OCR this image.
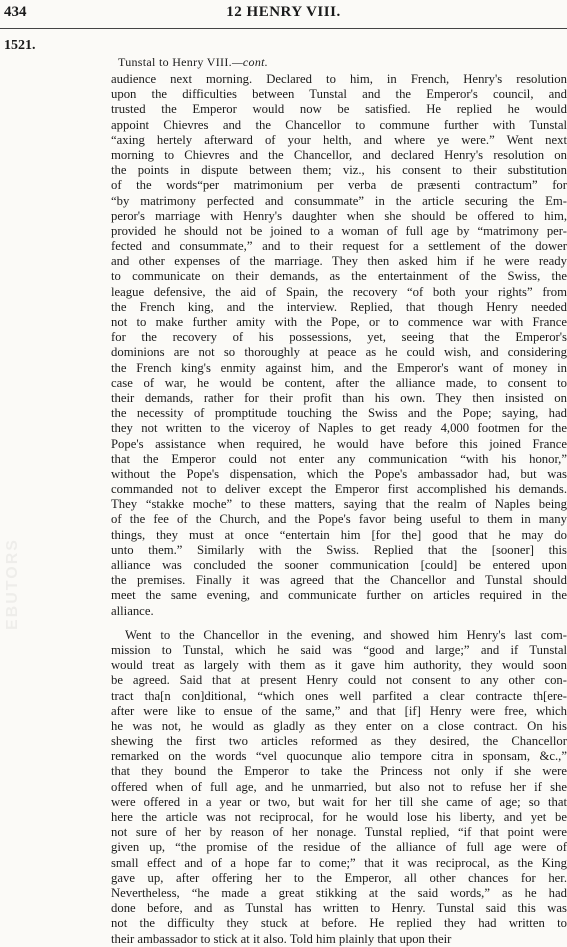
434	12 HENRY VIII.
1521.
Tunstal to Henry VIII.—cont.
EBUTORS
audience next morning. Declared to him, in French, Henry's resolution
upon the difficulties between Tunstal and the Emperor's council, and
trusted the Emperor would now be satisfied. He replied he would
appoint Chievres and the Chancellor to commune further with Tunstal
“axing hertely afterward of your helth, and where ye were.” Went next
morning to Chievres and the Chancellor, and declared Henry's resolution on
the points in dispute between them; viz., his consent to their substitution
of the words“per matrimonium per verba de præsenti contractum” for
“by matrimony perfected and consummate” in the article securing the Em-
peror's marriage with Henry's daughter when she should be offered to him,
provided he should not be joined to a woman of full age by “matrimony per-
fected and consummate,” and to their request for a settlement of the dower
and other expenses of the marriage. They then asked him if he were ready
to communicate on their demands, as the entertainment of the Swiss, the
league defensive, the aid of Spain, the recovery “of both your rights” from
the French king, and the interview. Replied, that though Henry needed
not to make further amity with the Pope, or to commence war with France
for the recovery of his possessions, yet, seeing that the Emperor's
dominions are not so thoroughly at peace as he could wish, and considering
the French king's enmity against him, and the Emperor's want of money in
case of war, he would be content, after the alliance made, to consent to
their demands, rather for their profit than his own. They then insisted on
the necessity of promptitude touching the Swiss and the Pope; saying, had
they not written to the viceroy of Naples to get ready 4,000 footmen for the
Pope's assistance when required, he would have before this joined France
that the Emperor could not enter any communication “with his honor,”
without the Pope's dispensation, which the Pope's ambassador had, but was
commanded not to deliver except the Emperor first accomplished his demands.
They “stakke moche” to these matters, saying that the realm of Naples being
of the fee of the Church, and the Pope's favor being useful to them in many
things, they must at once “entertain him [for the] good that he may do
unto them.” Similarly with the Swiss. Replied that the [sooner] this
alliance was concluded the sooner communication [could] be entered upon
the premises. Finally it was agreed that the Chancellor and Tunstal should
meet the same evening, and communicate further on articles required in the
alliance.
Went to the Chancellor in the evening, and showed him Henry's last com-
mission to Tunstal, which he said was “good and large;” and if Tunstal
would treat as largely with them as it gave him authority, they would soon
be agreed. Said that at present Henry could not consent to any other con-
tract tha[n con]ditional, “which ones well parfited a clear contracte th[ere-
after were like to ensue of the same,” and that [if] Henry were free, which
he was not, he would as gladly as they enter on a close contract. On his
shewing the first two articles reformed as they desired, the Chancellor
remarked on the words “vel quocunque alio tempore citra in sponsam, &c.,”
that they bound the Emperor to take the Princess not only if she were
offered when of full age, and he unmarried, but also not to refuse her if she
were offered in a year or two, but wait for her till she came of age; so that
here the article was not reciprocal, for he would lose his liberty, and yet be
not sure of her by reason of her nonage. Tunstal replied, “if that point were
given up, “the promise of the residue of the alliance of full age were of
small effect and of a hope far to come;” that it was reciprocal, as the King
gave up, after offering her to the Emperor, all other chances for her.
Nevertheless, “he made a great stikking at the said words,” as he had
done before, and as Tunstal has written to Henry. Tunstal said this was
not the difficulty they stuck at before. He replied they had written to
their ambassador to stick at it also. Told him plainly that upon their
